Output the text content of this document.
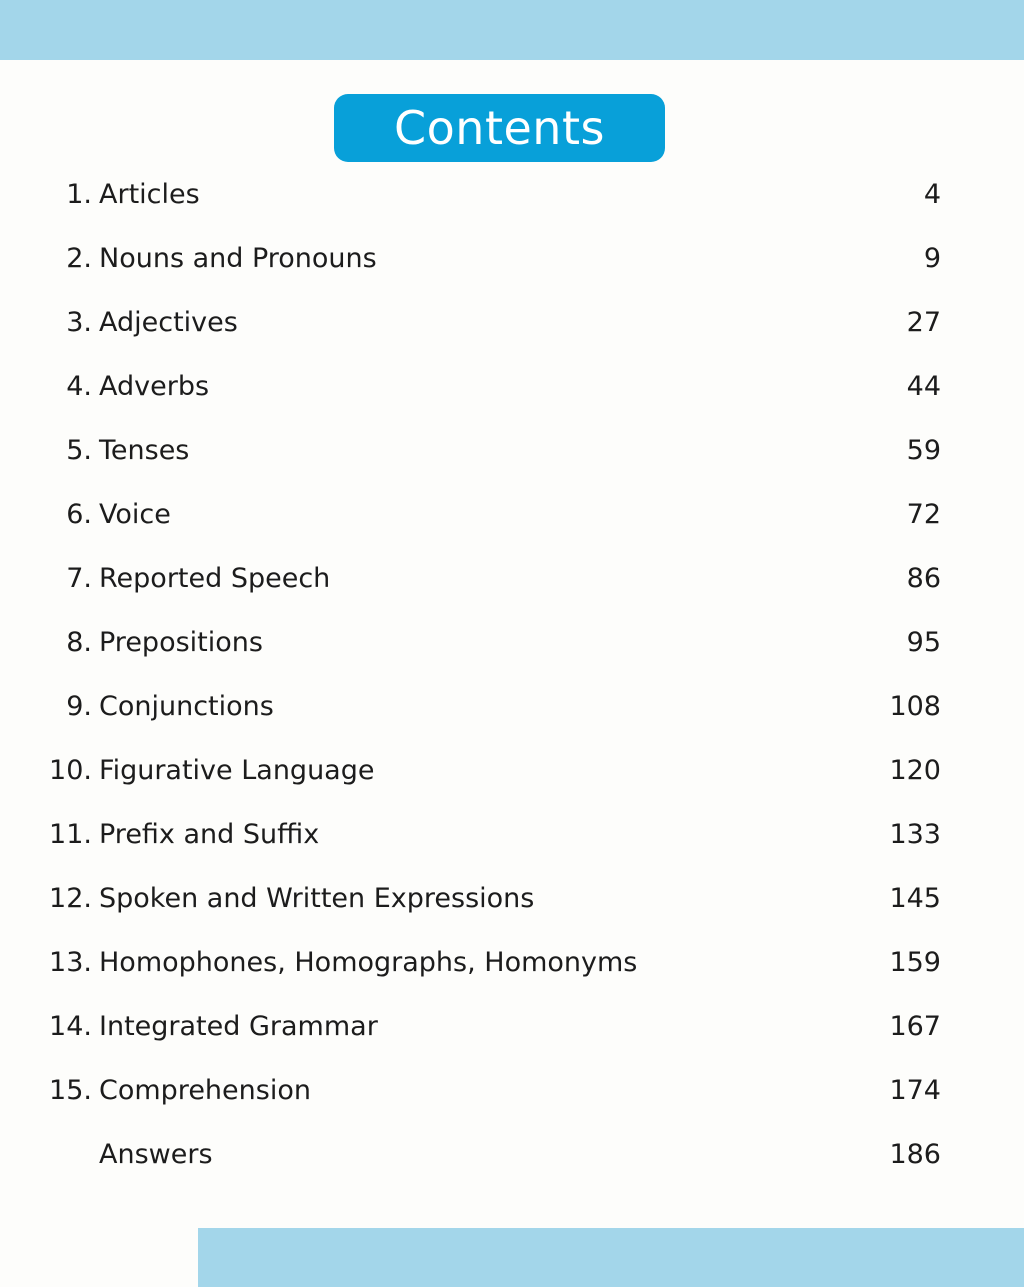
Contents
1. Articles	4
2. Nouns and Pronouns	9
3. Adjectives	27
4. Adverbs	44
5. Tenses	59
6. Voice	72
7. Reported Speech	86
8. Prepositions	95
9. Conjunctions	108
10. Figurative Language	120
11. Prefix and Suffix	133
12. Spoken and Written Expressions	145
13. Homophones, Homographs, Homonyms	159
14. Integrated Grammar	167
15. Comprehension	174
Answers	186
